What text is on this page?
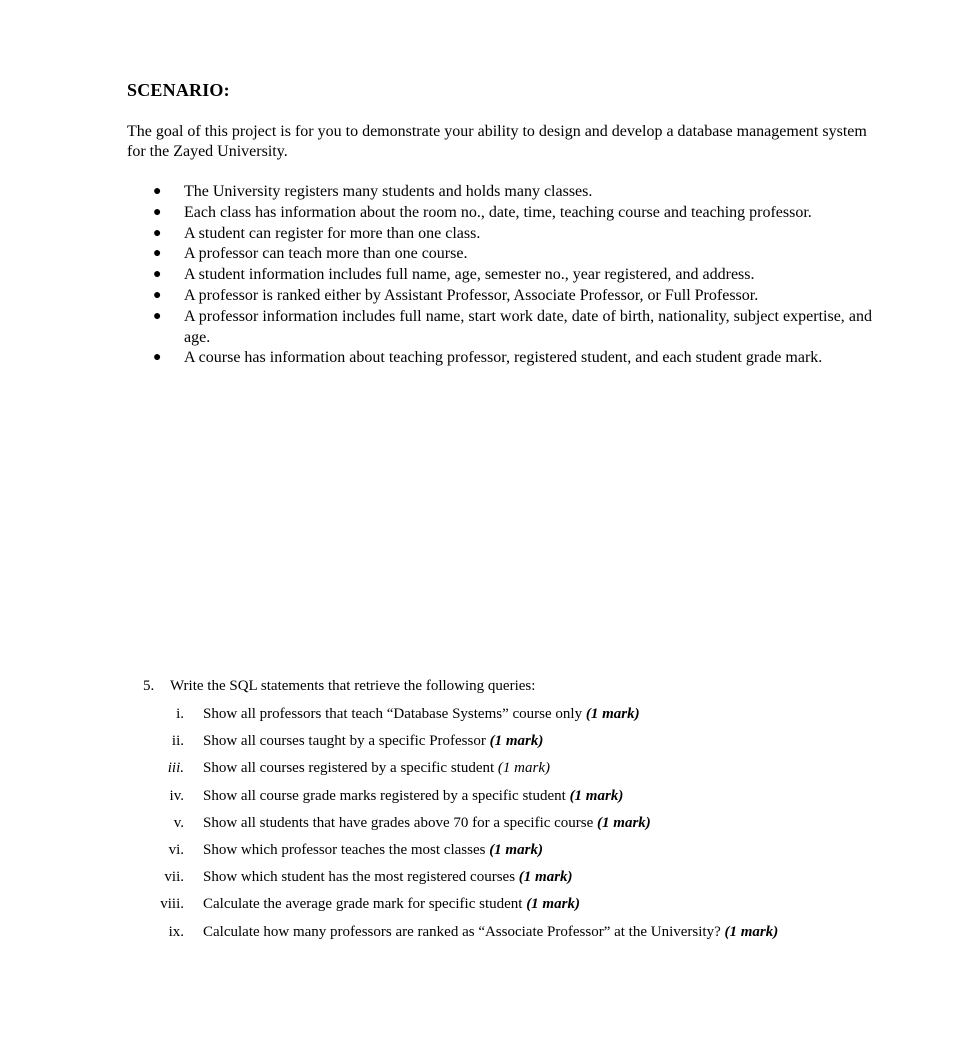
SCENARIO:
The goal of this project is for you to demonstrate your ability to design and develop a database management system for the Zayed University.
● The University registers many students and holds many classes.
● Each class has information about the room no., date, time, teaching course and teaching professor.
● A student can register for more than one class.
● A professor can teach more than one course.
● A student information includes full name, age, semester no., year registered, and address.
● A professor is ranked either by Assistant Professor, Associate Professor, or Full Professor.
● A professor information includes full name, start work date, date of birth, nationality, subject expertise, and age.
● A course has information about teaching professor, registered student, and each student grade mark.
5. Write the SQL statements that retrieve the following queries:
i. Show all professors that teach “Database Systems” course only (1 mark)
ii. Show all courses taught by a specific Professor (1 mark)
iii. Show all courses registered by a specific student (1 mark)
iv. Show all course grade marks registered by a specific student (1 mark)
v. Show all students that have grades above 70 for a specific course (1 mark)
vi. Show which professor teaches the most classes (1 mark)
vii. Show which student has the most registered courses (1 mark)
viii. Calculate the average grade mark for specific student (1 mark)
ix. Calculate how many professors are ranked as “Associate Professor” at the University? (1 mark)
